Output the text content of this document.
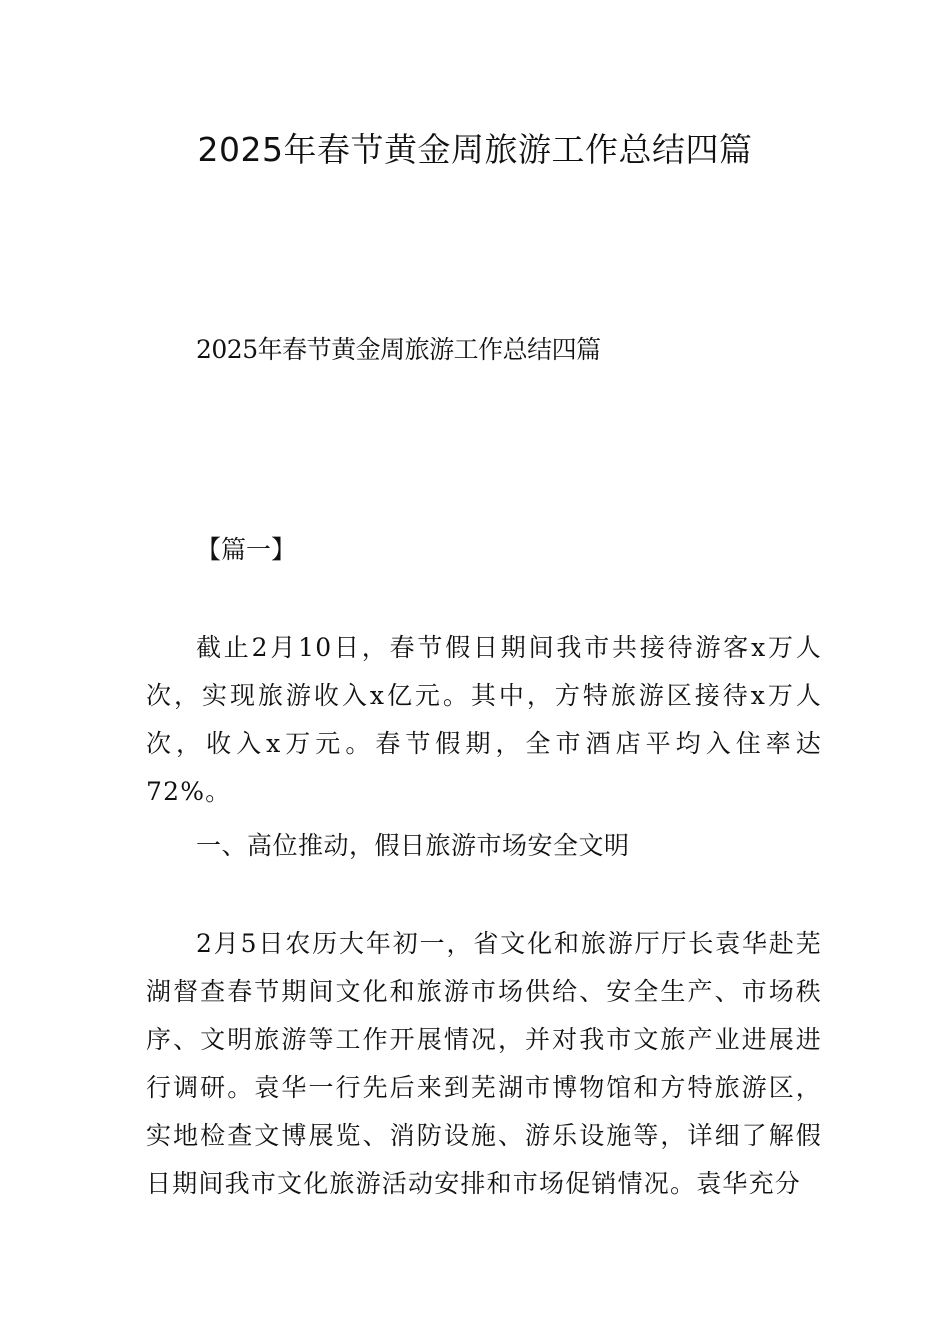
2025年春节黄金周旅游工作总结四篇

2025年春节黄金周旅游工作总结四篇

【篇一】

截止2月10日，春节假日期间我市共接待游客x万人次，实现旅游收入x亿元。其中，方特旅游区接待x万人次，收入x万元。春节假期，全市酒店平均入住率达72%。

一、高位推动，假日旅游市场安全文明

2月5日农历大年初一，省文化和旅游厅厅长袁华赴芜湖督查春节期间文化和旅游市场供给、安全生产、市场秩序、文明旅游等工作开展情况，并对我市文旅产业进展进行调研。袁华一行先后来到芜湖市博物馆和方特旅游区，实地检查文博展览、消防设施、游乐设施等，详细了解假日期间我市文化旅游活动安排和市场促销情况。袁华充分
